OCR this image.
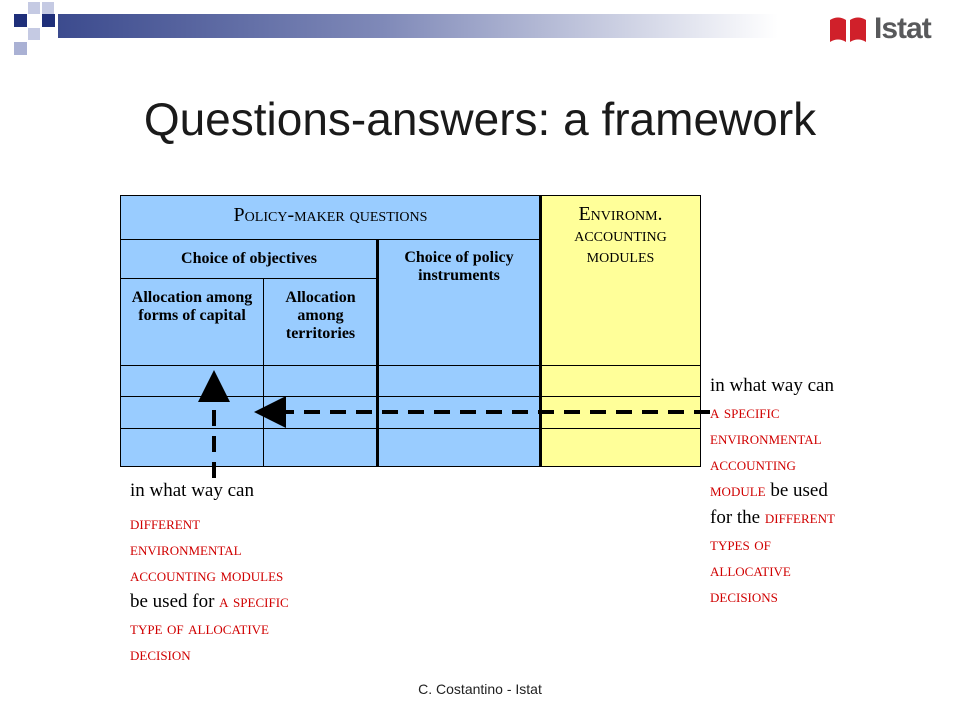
Istat
Questions-answers: a framework
Policy-maker questions	Environm. accounting modules
Choice of objectives	Choice of policy instruments
Allocation among forms of capital
Allocation among territories
in what way can
a specific
environmental
accounting
module be used
for the different
types of
allocative
decisions
in what way can
different
environmental
accounting modules
be used for a specific
type of allocative
decision
C. Costantino - Istat
